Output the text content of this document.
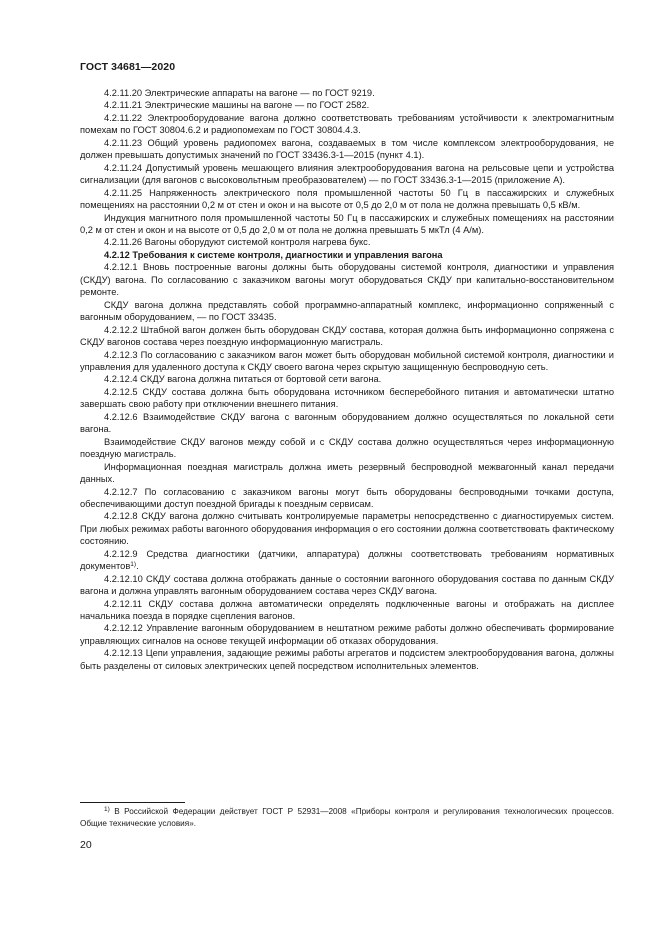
ГОСТ 34681—2020

4.2.11.20 Электрические аппараты на вагоне — по ГОСТ 9219.

4.2.11.21 Электрические машины на вагоне — по ГОСТ 2582.

4.2.11.22 Электрооборудование вагона должно соответствовать требованиям устойчивости к электромагнитным помехам по ГОСТ 30804.6.2 и радиопомехам по ГОСТ 30804.4.3.

4.2.11.23 Общий уровень радиопомех вагона, создаваемых в том числе комплексом электрооборудования, не должен превышать допустимых значений по ГОСТ 33436.3-1—2015 (пункт 4.1).

4.2.11.24 Допустимый уровень мешающего влияния электрооборудования вагона на рельсовые цепи и устройства сигнализации (для вагонов с высоковольтным преобразователем) — по ГОСТ 33436.3-1—2015 (приложение А).

4.2.11.25 Напряженность электрического поля промышленной частоты 50 Гц в пассажирских и служебных помещениях на расстоянии 0,2 м от стен и окон и на высоте от 0,5 до 2,0 м от пола не должна превышать 0,5 кВ/м.

Индукция магнитного поля промышленной частоты 50 Гц в пассажирских и служебных помещениях на расстоянии 0,2 м от стен и окон и на высоте от 0,5 до 2,0 м от пола не должна превышать 5 мкТл (4 А/м).

4.2.11.26 Вагоны оборудуют системой контроля нагрева букс.

4.2.12 Требования к системе контроля, диагностики и управления вагона

4.2.12.1 Вновь построенные вагоны должны быть оборудованы системой контроля, диагностики и управления (СКДУ) вагона. По согласованию с заказчиком вагоны могут оборудоваться СКДУ при капитально-восстановительном ремонте.

СКДУ вагона должна представлять собой программно-аппаратный комплекс, информационно сопряженный с вагонным оборудованием, — по ГОСТ 33435.

4.2.12.2 Штабной вагон должен быть оборудован СКДУ состава, которая должна быть информационно сопряжена с СКДУ вагонов состава через поездную информационную магистраль.

4.2.12.3 По согласованию с заказчиком вагон может быть оборудован мобильной системой контроля, диагностики и управления для удаленного доступа к СКДУ своего вагона через скрытую защищенную беспроводную сеть.

4.2.12.4 СКДУ вагона должна питаться от бортовой сети вагона.

4.2.12.5 СКДУ состава должна быть оборудована источником бесперебойного питания и автоматически штатно завершать свою работу при отключении внешнего питания.

4.2.12.6 Взаимодействие СКДУ вагона с вагонным оборудованием должно осуществляться по локальной сети вагона.

Взаимодействие СКДУ вагонов между собой и с СКДУ состава должно осуществляться через информационную поездную магистраль.

Информационная поездная магистраль должна иметь резервный беспроводной межвагонный канал передачи данных.

4.2.12.7 По согласованию с заказчиком вагоны могут быть оборудованы беспроводными точками доступа, обеспечивающими доступ поездной бригады к поездным сервисам.

4.2.12.8 СКДУ вагона должно считывать контролируемые параметры непосредственно с диагностируемых систем. При любых режимах работы вагонного оборудования информация о его состоянии должна соответствовать фактическому состоянию.

4.2.12.9 Средства диагностики (датчики, аппаратура) должны соответствовать требованиям нормативных документов$^{1)}$.

4.2.12.10 СКДУ состава должна отображать данные о состоянии вагонного оборудования состава по данным СКДУ вагона и должна управлять вагонным оборудованием состава через СКДУ вагона.

4.2.12.11 СКДУ состава должна автоматически определять подключенные вагоны и отображать на дисплее начальника поезда в порядке сцепления вагонов.

4.2.12.12 Управление вагонным оборудованием в нештатном режиме работы должно обеспечивать формирование управляющих сигналов на основе текущей информации об отказах оборудования.

4.2.12.13 Цепи управления, задающие режимы работы агрегатов и подсистем электрооборудования вагона, должны быть разделены от силовых электрических цепей посредством исполнительных элементов.

$^{1)}$ В Российской Федерации действует ГОСТ Р 52931—2008 «Приборы контроля и регулирования технологических процессов. Общие технические условия».

20
